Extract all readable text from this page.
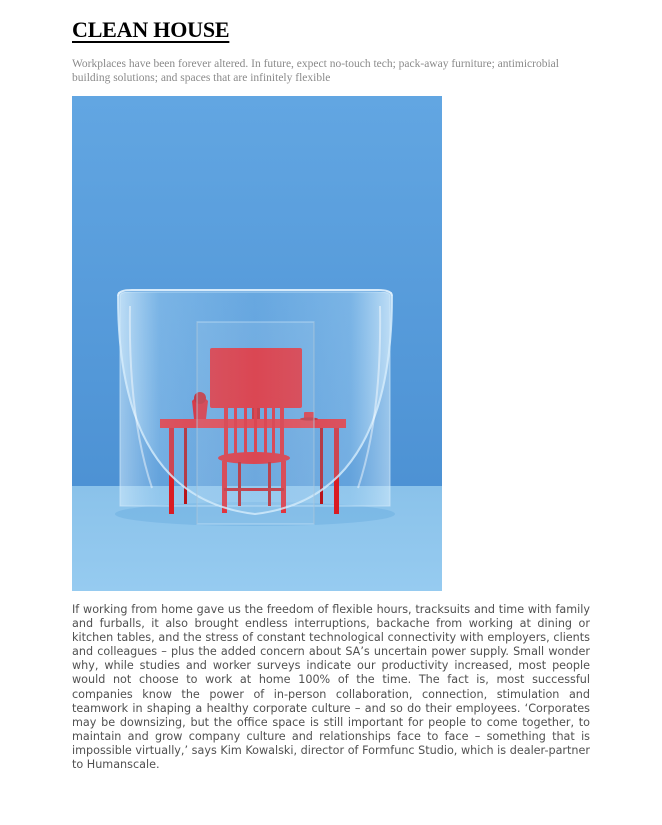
CLEAN HOUSE

Workplaces have been forever altered. In future, expect no-touch tech; pack-away furniture; antimicrobial building solutions; and spaces that are infinitely flexible

If working from home gave us the freedom of flexible hours, tracksuits and time with family and furballs, it also brought endless interruptions, backache from working at dining or kitchen tables, and the stress of constant technological connectivity with employers, clients and colleagues – plus the added concern about SA’s uncertain power supply. Small wonder why, while studies and worker surveys indicate our productivity increased, most people would not choose to work at home 100% of the time. The fact is, most successful companies know the power of in-person collaboration, connection, stimulation and teamwork in shaping a healthy corporate culture – and so do their employees. ‘Corporates may be downsizing, but the office space is still important for people to come together, to maintain and grow company culture and relationships face to face – something that is impossible virtually,’ says Kim Kowalski, director of Formfunc Studio, which is dealer-partner to Humanscale.
